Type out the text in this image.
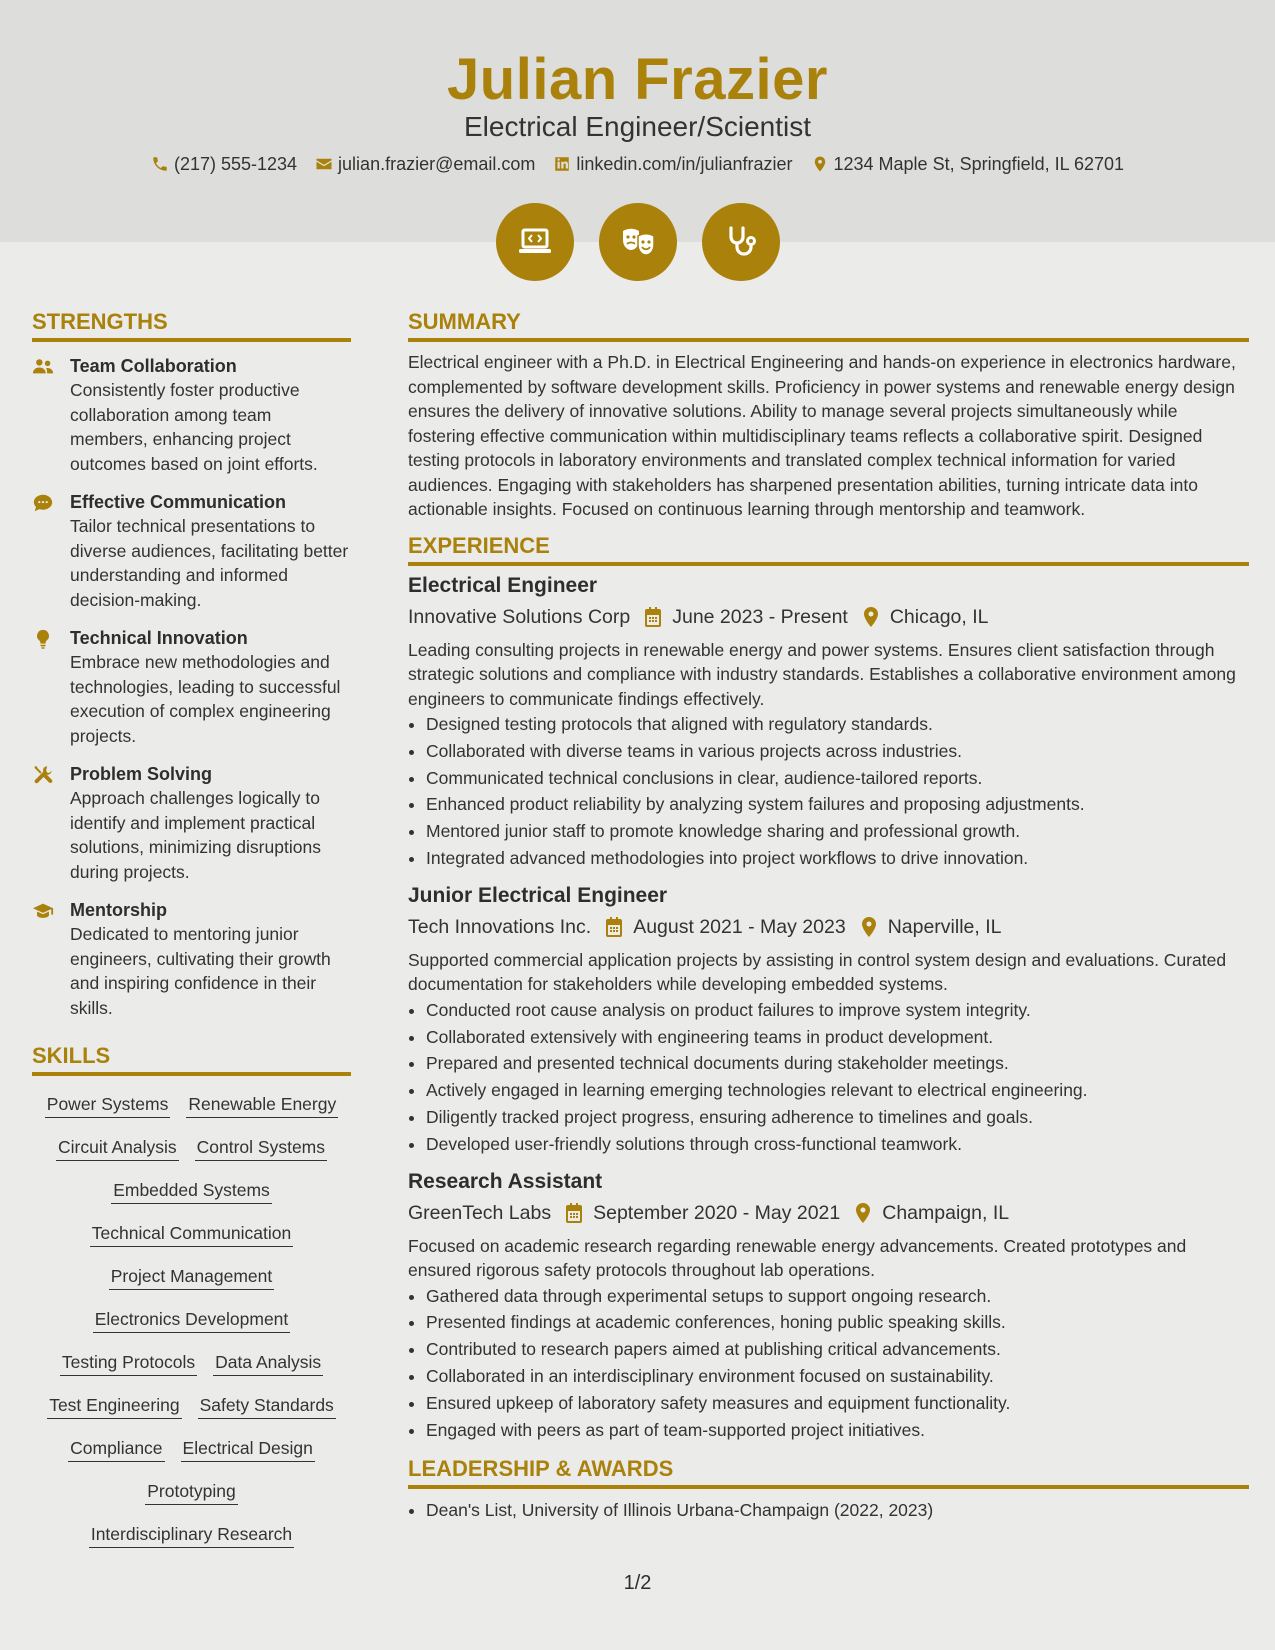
Julian Frazier
Electrical Engineer/Scientist
(217) 555-1234 julian.frazier@email.com linkedin.com/in/julianfrazier 1234 Maple St, Springfield, IL 62701
STRENGTHS
Team Collaboration
Consistently foster productive collaboration among team members, enhancing project outcomes based on joint efforts.
Effective Communication
Tailor technical presentations to diverse audiences, facilitating better understanding and informed decision-making.
Technical Innovation
Embrace new methodologies and technologies, leading to successful execution of complex engineering projects.
Problem Solving
Approach challenges logically to identify and implement practical solutions, minimizing disruptions during projects.
Mentorship
Dedicated to mentoring junior engineers, cultivating their growth and inspiring confidence in their skills.
SKILLS
Power Systems Renewable Energy
Circuit Analysis Control Systems
Embedded Systems
Technical Communication
Project Management
Electronics Development
Testing Protocols Data Analysis
Test Engineering Safety Standards
Compliance Electrical Design
Prototyping
Interdisciplinary Research
SUMMARY
Electrical engineer with a Ph.D. in Electrical Engineering and hands-on experience in electronics hardware, complemented by software development skills. Proficiency in power systems and renewable energy design ensures the delivery of innovative solutions. Ability to manage several projects simultaneously while fostering effective communication within multidisciplinary teams reflects a collaborative spirit. Designed testing protocols in laboratory environments and translated complex technical information for varied audiences. Engaging with stakeholders has sharpened presentation abilities, turning intricate data into actionable insights. Focused on continuous learning through mentorship and teamwork.
EXPERIENCE
Electrical Engineer
Innovative Solutions Corp June 2023 - Present Chicago, IL
Leading consulting projects in renewable energy and power systems. Ensures client satisfaction through strategic solutions and compliance with industry standards. Establishes a collaborative environment among engineers to communicate findings effectively.
• Designed testing protocols that aligned with regulatory standards.
• Collaborated with diverse teams in various projects across industries.
• Communicated technical conclusions in clear, audience-tailored reports.
• Enhanced product reliability by analyzing system failures and proposing adjustments.
• Mentored junior staff to promote knowledge sharing and professional growth.
• Integrated advanced methodologies into project workflows to drive innovation.
Junior Electrical Engineer
Tech Innovations Inc. August 2021 - May 2023 Naperville, IL
Supported commercial application projects by assisting in control system design and evaluations. Curated documentation for stakeholders while developing embedded systems.
• Conducted root cause analysis on product failures to improve system integrity.
• Collaborated extensively with engineering teams in product development.
• Prepared and presented technical documents during stakeholder meetings.
• Actively engaged in learning emerging technologies relevant to electrical engineering.
• Diligently tracked project progress, ensuring adherence to timelines and goals.
• Developed user-friendly solutions through cross-functional teamwork.
Research Assistant
GreenTech Labs September 2020 - May 2021 Champaign, IL
Focused on academic research regarding renewable energy advancements. Created prototypes and ensured rigorous safety protocols throughout lab operations.
• Gathered data through experimental setups to support ongoing research.
• Presented findings at academic conferences, honing public speaking skills.
• Contributed to research papers aimed at publishing critical advancements.
• Collaborated in an interdisciplinary environment focused on sustainability.
• Ensured upkeep of laboratory safety measures and equipment functionality.
• Engaged with peers as part of team-supported project initiatives.
LEADERSHIP & AWARDS
• Dean's List, University of Illinois Urbana-Champaign (2022, 2023)
1/2
